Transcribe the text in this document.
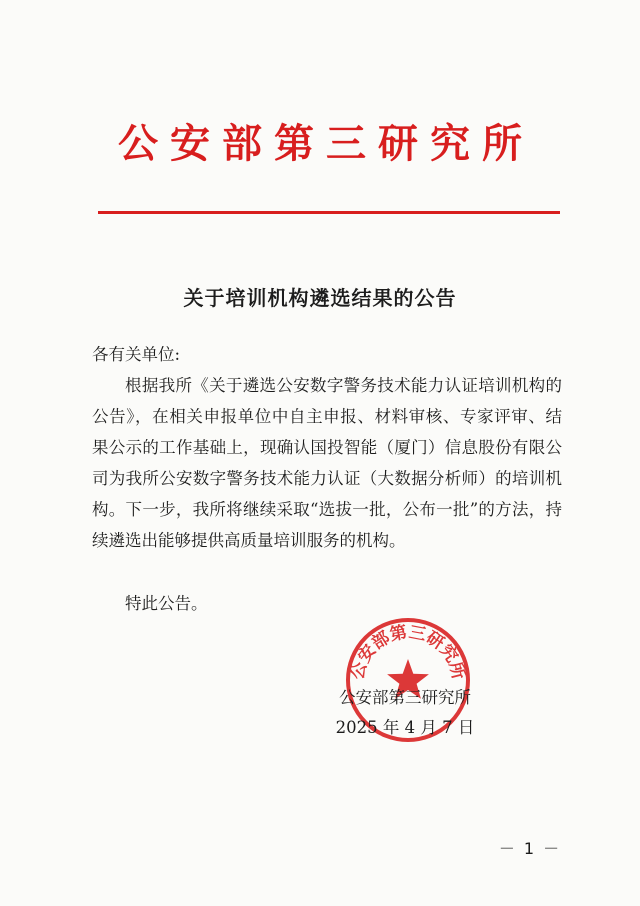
公安部第三研究所
关于培训机构遴选结果的公告
各有关单位:
根据我所《关于遴选公安数字警务技术能力认证培训机构的公告》，在相关申报单位中自主申报、材料审核、专家评审、结果公示的工作基础上，现确认国投智能（厦门）信息股份有限公司为我所公安数字警务技术能力认证（大数据分析师）的培训机构。下一步，我所将继续采取“选拔一批，公布一批”的方法，持续遴选出能够提供高质量培训服务的机构。
特此公告。
公安部第三研究所
公安部第三研究所
2025 年 4 月 7 日
－ 1 －
